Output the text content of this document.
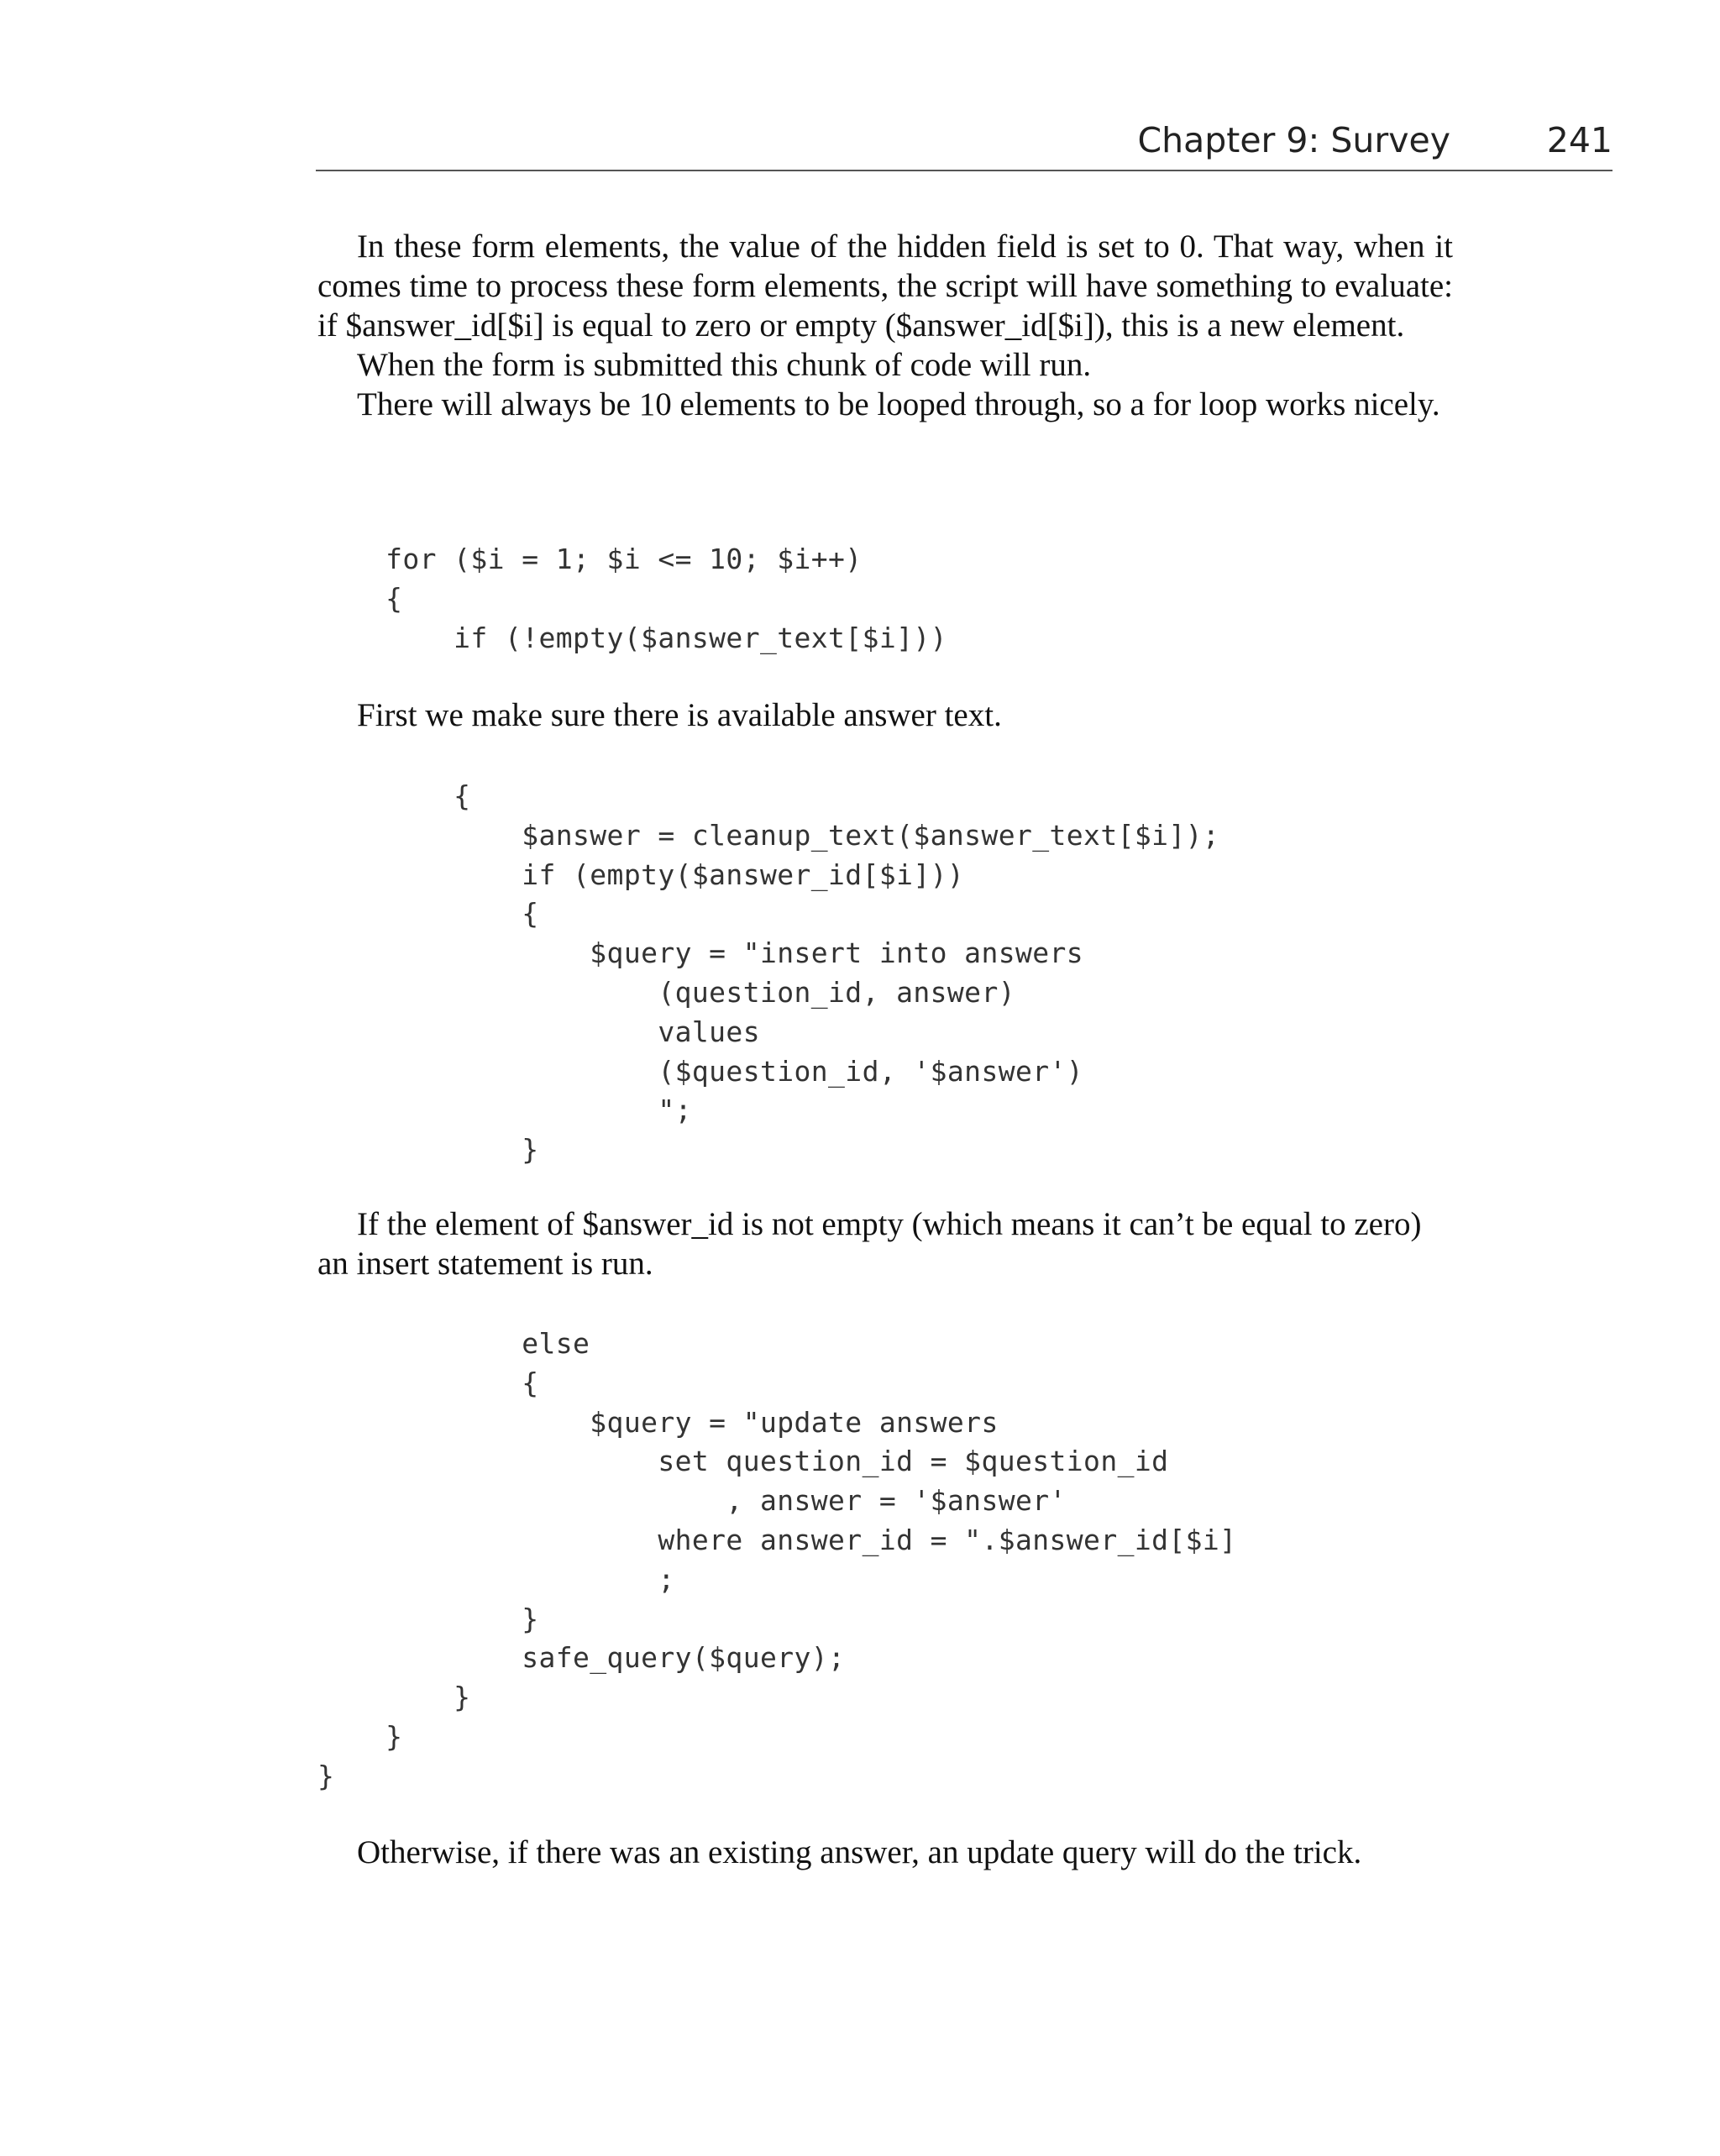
Chapter 9: Survey	241

In these form elements, the value of the hidden field is set to 0. That way, when it comes time to process these form elements, the script will have something to evaluate: if $answer_id[$i] is equal to zero or empty ($answer_id[$i]), this is a new element.

When the form is submitted this chunk of code will run.

There will always be 10 elements to be looped through, so a for loop works nicely.

for ($i = 1; $i <= 10; $i++)
{
if (!empty($answer_text[$i]))

First we make sure there is available answer text.

{
$answer = cleanup_text($answer_text[$i]);
if (empty($answer_id[$i]))
{
$query = "insert into answers
(question_id, answer)
values
($question_id, '$answer')
";
}

If the element of $answer_id is not empty (which means it can’t be equal to zero) an insert statement is run.

else
{
$query = "update answers
set question_id = $question_id
, answer = '$answer'
where answer_id = ".$answer_id[$i]
;
}
safe_query($query);
}
}
}

Otherwise, if there was an existing answer, an update query will do the trick.
